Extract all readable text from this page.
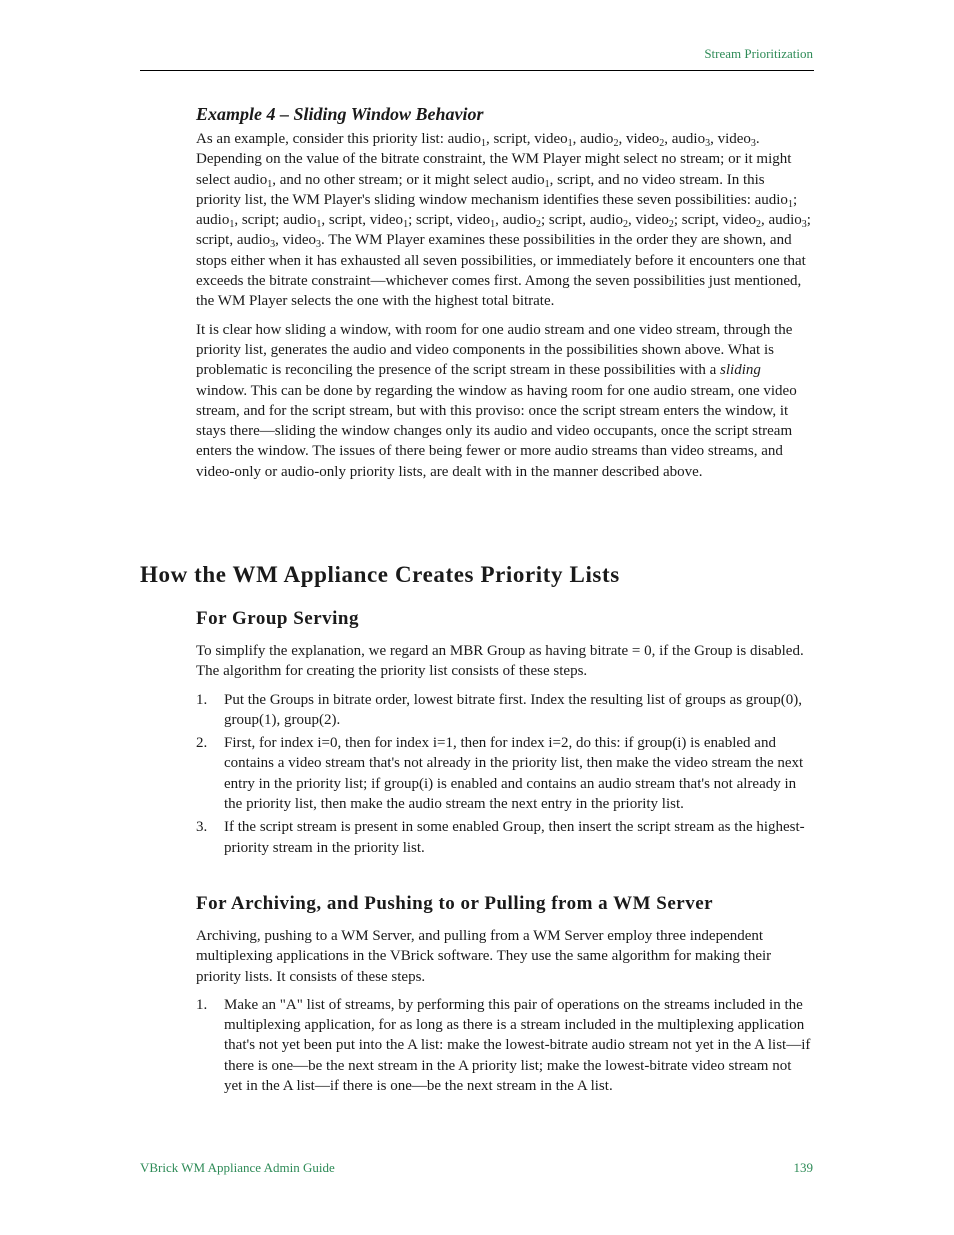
Stream Prioritization
Example 4 – Sliding Window Behavior

As an example, consider this priority list: audio$_1$, script, video$_1$, audio$_2$, video$_2$, audio$_3$, video$_3$. Depending on the value of the bitrate constraint, the WM Player might select no stream; or it might select audio$_1$, and no other stream; or it might select audio$_1$, script, and no video stream. In this priority list, the WM Player's sliding window mechanism identifies these seven possibilities: audio$_1$; audio$_1$, script; audio$_1$, script, video$_1$; script, video$_1$, audio$_2$; script, audio$_2$, video$_2$; script, video$_2$, audio$_3$; script, audio$_3$, video$_3$. The WM Player examines these possibilities in the order they are shown, and stops either when it has exhausted all seven possibilities, or immediately before it encounters one that exceeds the bitrate constraint—whichever comes first. Among the seven possibilities just mentioned, the WM Player selects the one with the highest total bitrate.

It is clear how sliding a window, with room for one audio stream and one video stream, through the priority list, generates the audio and video components in the possibilities shown above. What is problematic is reconciling the presence of the script stream in these possibilities with a sliding window. This can be done by regarding the window as having room for one audio stream, one video stream, and for the script stream, but with this proviso: once the script stream enters the window, it stays there—sliding the window changes only its audio and video occupants, once the script stream enters the window. The issues of there being fewer or more audio streams than video streams, and video-only or audio-only priority lists, are dealt with in the manner described above.

How the WM Appliance Creates Priority Lists
For Group Serving

To simplify the explanation, we regard an MBR Group as having bitrate = 0, if the Group is disabled. The algorithm for creating the priority list consists of these steps.

1. Put the Groups in bitrate order, lowest bitrate first. Index the resulting list of groups as group(0), group(1), group(2).
2. First, for index i=0, then for index i=1, then for index i=2, do this: if group(i) is enabled and contains a video stream that's not already in the priority list, then make the video stream the next entry in the priority list; if group(i) is enabled and contains an audio stream that's not already in the priority list, then make the audio stream the next entry in the priority list.
3. If the script stream is present in some enabled Group, then insert the script stream as the highest-priority stream in the priority list.
For Archiving, and Pushing to or Pulling from a WM Server

Archiving, pushing to a WM Server, and pulling from a WM Server employ three independent multiplexing applications in the VBrick software. They use the same algorithm for making their priority lists. It consists of these steps.

1. Make an "A" list of streams, by performing this pair of operations on the streams included in the multiplexing application, for as long as there is a stream included in the multiplexing application that's not yet been put into the A list: make the lowest-bitrate audio stream not yet in the A list—if there is one—be the next stream in the A priority list; make the lowest-bitrate video stream not yet in the A list—if there is one—be the next stream in the A list.
VBrick WM Appliance Admin Guide	139
